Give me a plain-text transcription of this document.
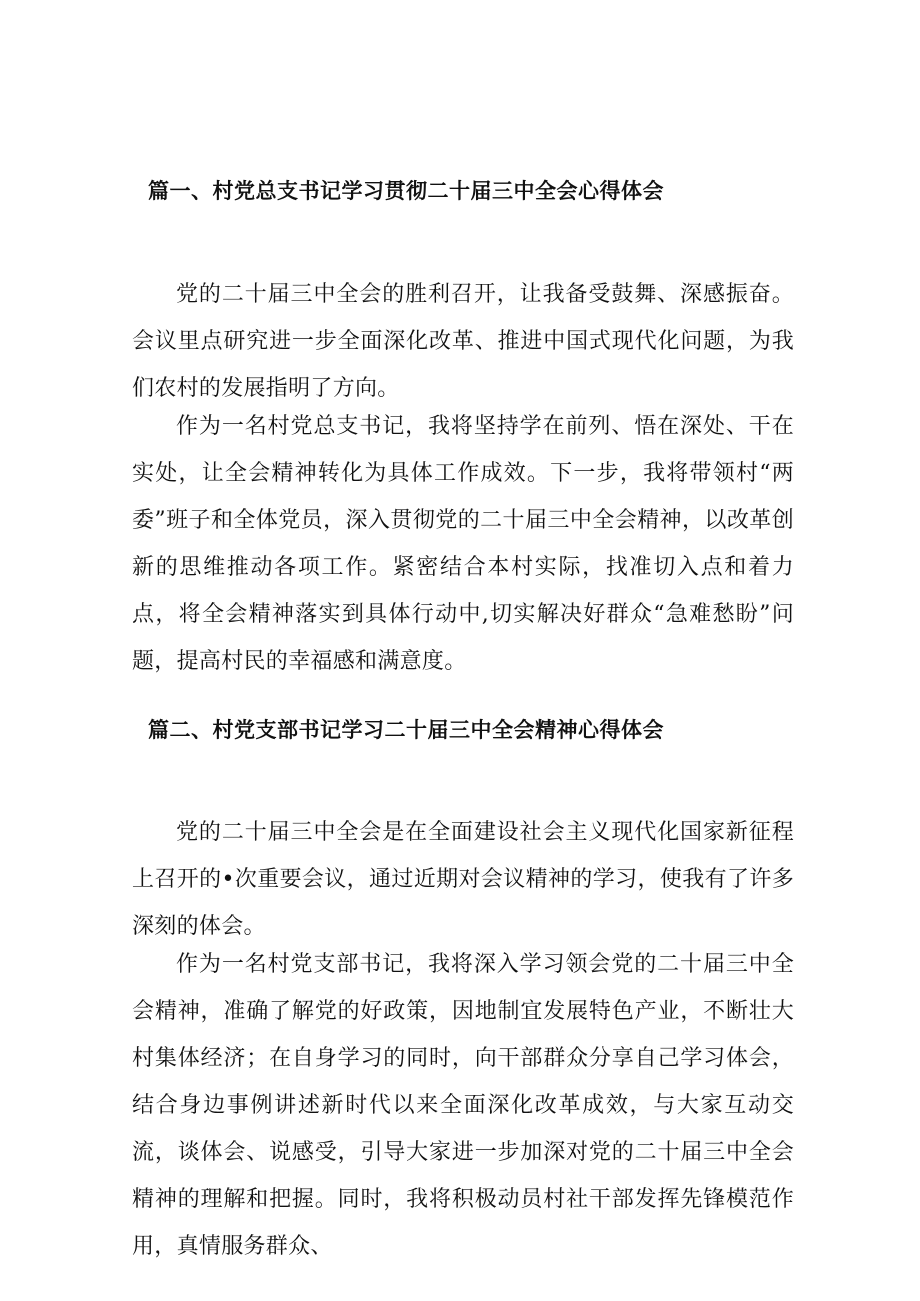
篇一、村党总支书记学习贯彻二十届三中全会心得体会

党的二十届三中全会的胜利召开，让我备受鼓舞、深感振奋。会议里点研究进一步全面深化改革、推进中国式现代化问题，为我们农村的发展指明了方向。

作为一名村党总支书记，我将坚持学在前列、悟在深处、干在实处，让全会精神转化为具体工作成效。下一步，我将带领村“两委”班子和全体党员，深入贯彻党的二十届三中全会精神，以改革创新的思维推动各项工作。紧密结合本村实际，找准切入点和着力点，将全会精神落实到具体行动中,切实解决好群众“急难愁盼”问题，提高村民的幸福感和满意度。

篇二、村党支部书记学习二十届三中全会精神心得体会

党的二十届三中全会是在全面建设社会主义现代化国家新征程上召开的•次重要会议，通过近期对会议精神的学习，使我有了许多深刻的体会。

作为一名村党支部书记，我将深入学习领会党的二十届三中全会精神，准确了解党的好政策，因地制宜发展特色产业，不断壮大村集体经济；在自身学习的同时，向干部群众分享自己学习体会，结合身边事例讲述新时代以来全面深化改革成效，与大家互动交流，谈体会、说感受，引导大家进一步加深对党的二十届三中全会精神的理解和把握。同时，我将积极动员村社干部发挥先锋模范作用，真情服务群众、
